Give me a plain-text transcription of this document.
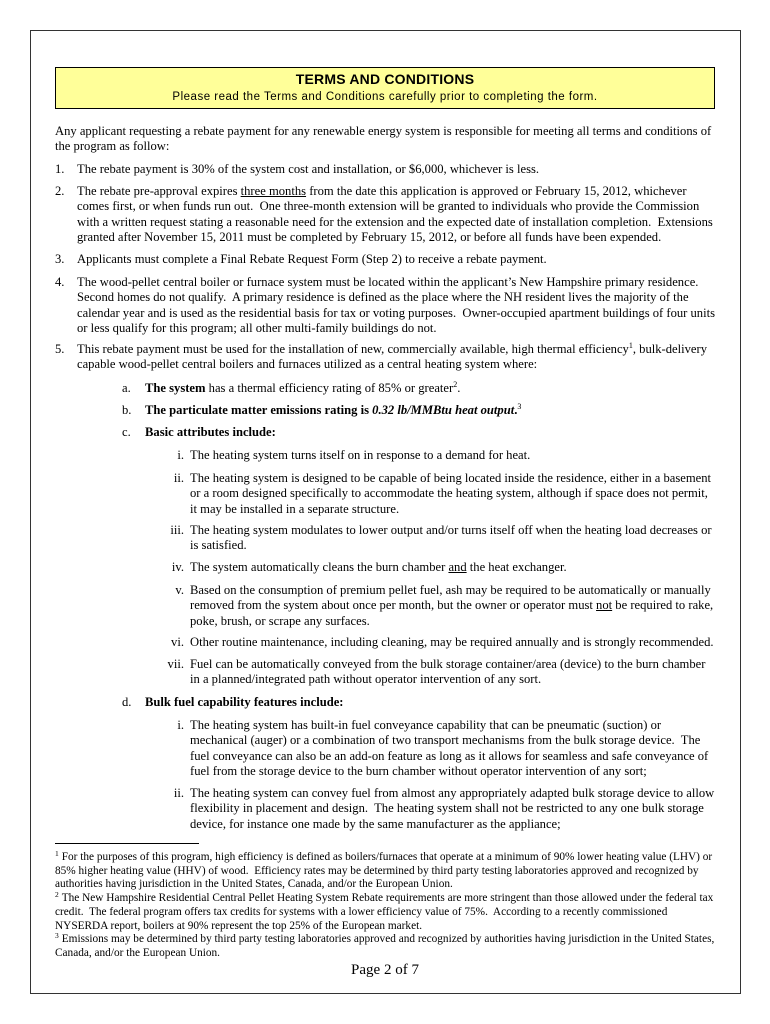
TERMS AND CONDITIONS
Please read the Terms and Conditions carefully prior to completing the form.

Any applicant requesting a rebate payment for any renewable energy system is responsible for meeting all terms and conditions of the program as follow:

1. The rebate payment is 30% of the system cost and installation, or $6,000, whichever is less.
2. The rebate pre-approval expires three months from the date this application is approved or February 15, 2012, whichever comes first, or when funds run out.  One three-month extension will be granted to individuals who provide the Commission with a written request stating a reasonable need for the extension and the expected date of installation completion.  Extensions granted after November 15, 2011 must be completed by February 15, 2012, or before all funds have been expended.
3. Applicants must complete a Final Rebate Request Form (Step 2) to receive a rebate payment.
4. The wood-pellet central boiler or furnace system must be located within the applicant’s New Hampshire primary residence.  Second homes do not qualify.  A primary residence is defined as the place where the NH resident lives the majority of the calendar year and is used as the residential basis for tax or voting purposes.  Owner-occupied apartment buildings of four units or less qualify for this program; all other multi-family buildings do not.
5. This rebate payment must be used for the installation of new, commercially available, high thermal efficiency$^1$, bulk-delivery capable wood-pellet central boilers and furnaces utilized as a central heating system where:
a. The system has a thermal efficiency rating of 85% or greater$^2$.
b. The particulate matter emissions rating is 0.32 lb/MMBtu heat output.$^3$
c. Basic attributes include:
i. The heating system turns itself on in response to a demand for heat.
ii. The heating system is designed to be capable of being located inside the residence, either in a basement or a room designed specifically to accommodate the heating system, although if space does not permit, it may be installed in a separate structure.
iii. The heating system modulates to lower output and/or turns itself off when the heating load decreases or is satisfied.
iv. The system automatically cleans the burn chamber and the heat exchanger.
v. Based on the consumption of premium pellet fuel, ash may be required to be automatically or manually removed from the system about once per month, but the owner or operator must not be required to rake, poke, brush, or scrape any surfaces.
vi. Other routine maintenance, including cleaning, may be required annually and is strongly recommended.
vii. Fuel can be automatically conveyed from the bulk storage container/area (device) to the burn chamber in a planned/integrated path without operator intervention of any sort.
d. Bulk fuel capability features include:
i. The heating system has built-in fuel conveyance capability that can be pneumatic (suction) or mechanical (auger) or a combination of two transport mechanisms from the bulk storage device.  The fuel conveyance can also be an add-on feature as long as it allows for seamless and safe conveyance of fuel from the storage device to the burn chamber without operator intervention of any sort;
ii. The heating system can convey fuel from almost any appropriately adapted bulk storage device to allow flexibility in placement and design.  The heating system shall not be restricted to any one bulk storage device, for instance one made by the same manufacturer as the appliance;

$^1$ For the purposes of this program, high efficiency is defined as boilers/furnaces that operate at a minimum of 90% lower heating value (LHV) or 85% higher heating value (HHV) of wood.  Efficiency rates may be determined by third party testing laboratories approved and recognized by authorities having jurisdiction in the United States, Canada, and/or the European Union.

$^2$ The New Hampshire Residential Central Pellet Heating System Rebate requirements are more stringent than those allowed under the federal tax credit.  The federal program offers tax credits for systems with a lower efficiency value of 75%.  According to a recently commissioned NYSERDA report, boilers at 90% represent the top 25% of the European market.

$^3$ Emissions may be determined by third party testing laboratories approved and recognized by authorities having jurisdiction in the United States, Canada, and/or the European Union.

Page 2 of 7
